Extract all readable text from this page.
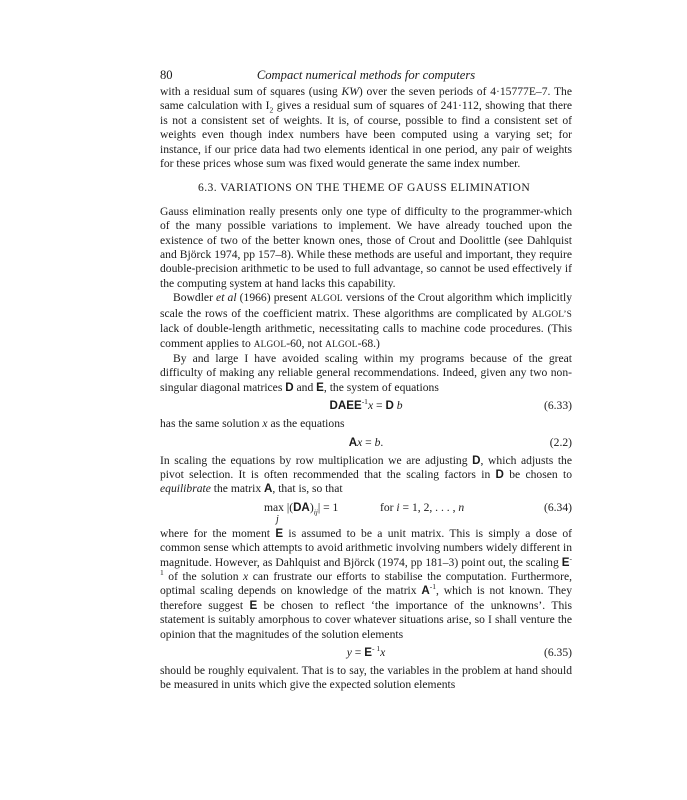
80	Compact numerical methods for computers

with a residual sum of squares (using KW) over the seven periods of 4·15777E–7. The same calculation with $I_2$ gives a residual sum of squares of 241·112, showing that there is not a consistent set of weights. It is, of course, possible to find a consistent set of weights even though index numbers have been computed using a varying set; for instance, if our price data had two elements identical in one period, any pair of weights for these prices whose sum was fixed would generate the same index number.

6.3. VARIATIONS ON THE THEME OF GAUSS ELIMINATION

Gauss elimination really presents only one type of difficulty to the programmer-which of the many possible variations to implement. We have already touched upon the existence of two of the better known ones, those of Crout and Doolittle (see Dahlquist and Björck 1974, pp 157–8). While these methods are useful and important, they require double-precision arithmetic to be used to full advantage, so cannot be used effectively if the computing system at hand lacks this capability.

Bowdler et al (1966) present ALGOL versions of the Crout algorithm which implicitly scale the rows of the coefficient matrix. These algorithms are complicated by ALGOL’S lack of double-length arithmetic, necessitating calls to machine code procedures. (This comment applies to ALGOL-60, not ALGOL-68.)

By and large I have avoided scaling within my programs because of the great difficulty of making any reliable general recommendations. Indeed, given any two non-singular diagonal matrices D and E, the system of equations

$DAEE^{-1}x = D$ b	(6.33)

has the same solution x as the equations

Ax = b.	(2.2)

In scaling the equations by row multiplication we are adjusting D, which adjusts the pivot selection. It is often recommended that the scaling factors in D be chosen to equilibrate the matrix A, that is, so that

$\max |(DA)_{ij}| = 1$
j
for i = 1, 2, . . . , n	(6.34)

where for the moment E is assumed to be a unit matrix. This is simply a dose of common sense which attempts to avoid arithmetic involving numbers widely different in magnitude. However, as Dahlquist and Björck (1974, pp 181–3) point out, the scaling $E^{-1}$ of the solution x can frustrate our efforts to stabilise the computation. Furthermore, optimal scaling depends on knowledge of the matrix $A^{-1}$, which is not known. They therefore suggest E be chosen to reflect ‘the importance of the unknowns’. This statement is suitably amorphous to cover whatever situations arise, so I shall venture the opinion that the magnitudes of the solution elements

$y = E^{- 1}x$	(6.35)

should be roughly equivalent. That is to say, the variables in the problem at hand should be measured in units which give the expected solution elements
